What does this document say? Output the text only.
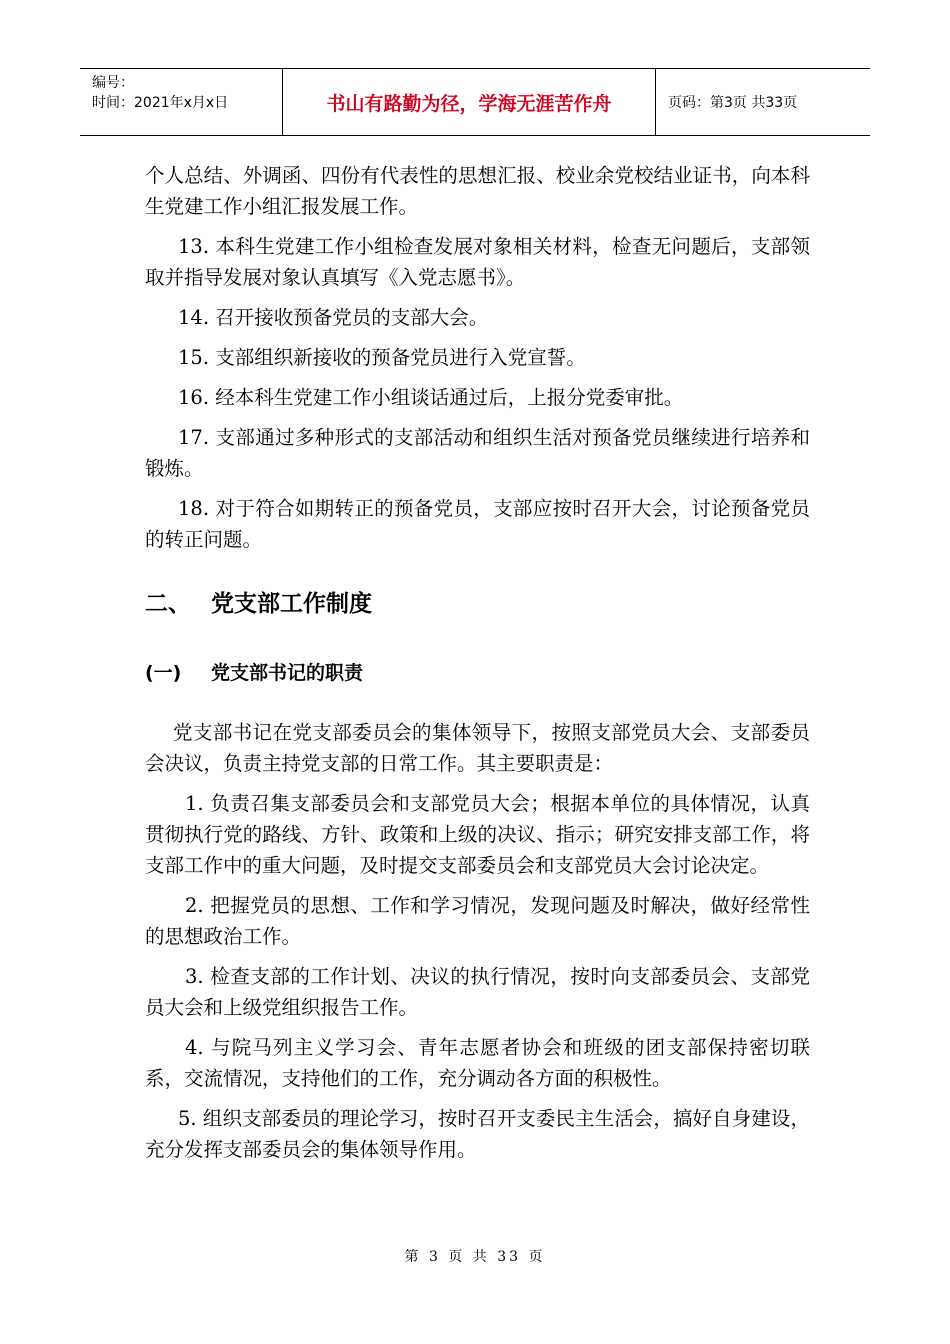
编号：
时间：2021年x月x日	书山有路勤为径，学海无涯苦作舟	页码：第3页 共33页

个人总结、外调函、四份有代表性的思想汇报、校业余党校结业证书，向本科生党建工作小组汇报发展工作。

13. 本科生党建工作小组检查发展对象相关材料，检查无问题后，支部领取并指导发展对象认真填写《入党志愿书》。

14. 召开接收预备党员的支部大会。

15. 支部组织新接收的预备党员进行入党宣誓。

16. 经本科生党建工作小组谈话通过后，上报分党委审批。

17. 支部通过多种形式的支部活动和组织生活对预备党员继续进行培养和锻炼。

18. 对于符合如期转正的预备党员，支部应按时召开大会，讨论预备党员的转正问题。

二、 党支部工作制度
(一)	党支部书记的职责

党支部书记在党支部委员会的集体领导下，按照支部党员大会、支部委员会决议，负责主持党支部的日常工作。其主要职责是：

1. 负责召集支部委员会和支部党员大会；根据本单位的具体情况，认真贯彻执行党的路线、方针、政策和上级的决议、指示；研究安排支部工作，将支部工作中的重大问题，及时提交支部委员会和支部党员大会讨论决定。

2. 把握党员的思想、工作和学习情况，发现问题及时解决，做好经常性的思想政治工作。

3. 检查支部的工作计划、决议的执行情况，按时向支部委员会、支部党员大会和上级党组织报告工作。

4. 与院马列主义学习会、青年志愿者协会和班级的团支部保持密切联系，交流情况，支持他们的工作，充分调动各方面的积极性。

5. 组织支部委员的理论学习，按时召开支委民主生活会，搞好自身建设，充分发挥支部委员会的集体领导作用。

第 3 页 共 33 页
